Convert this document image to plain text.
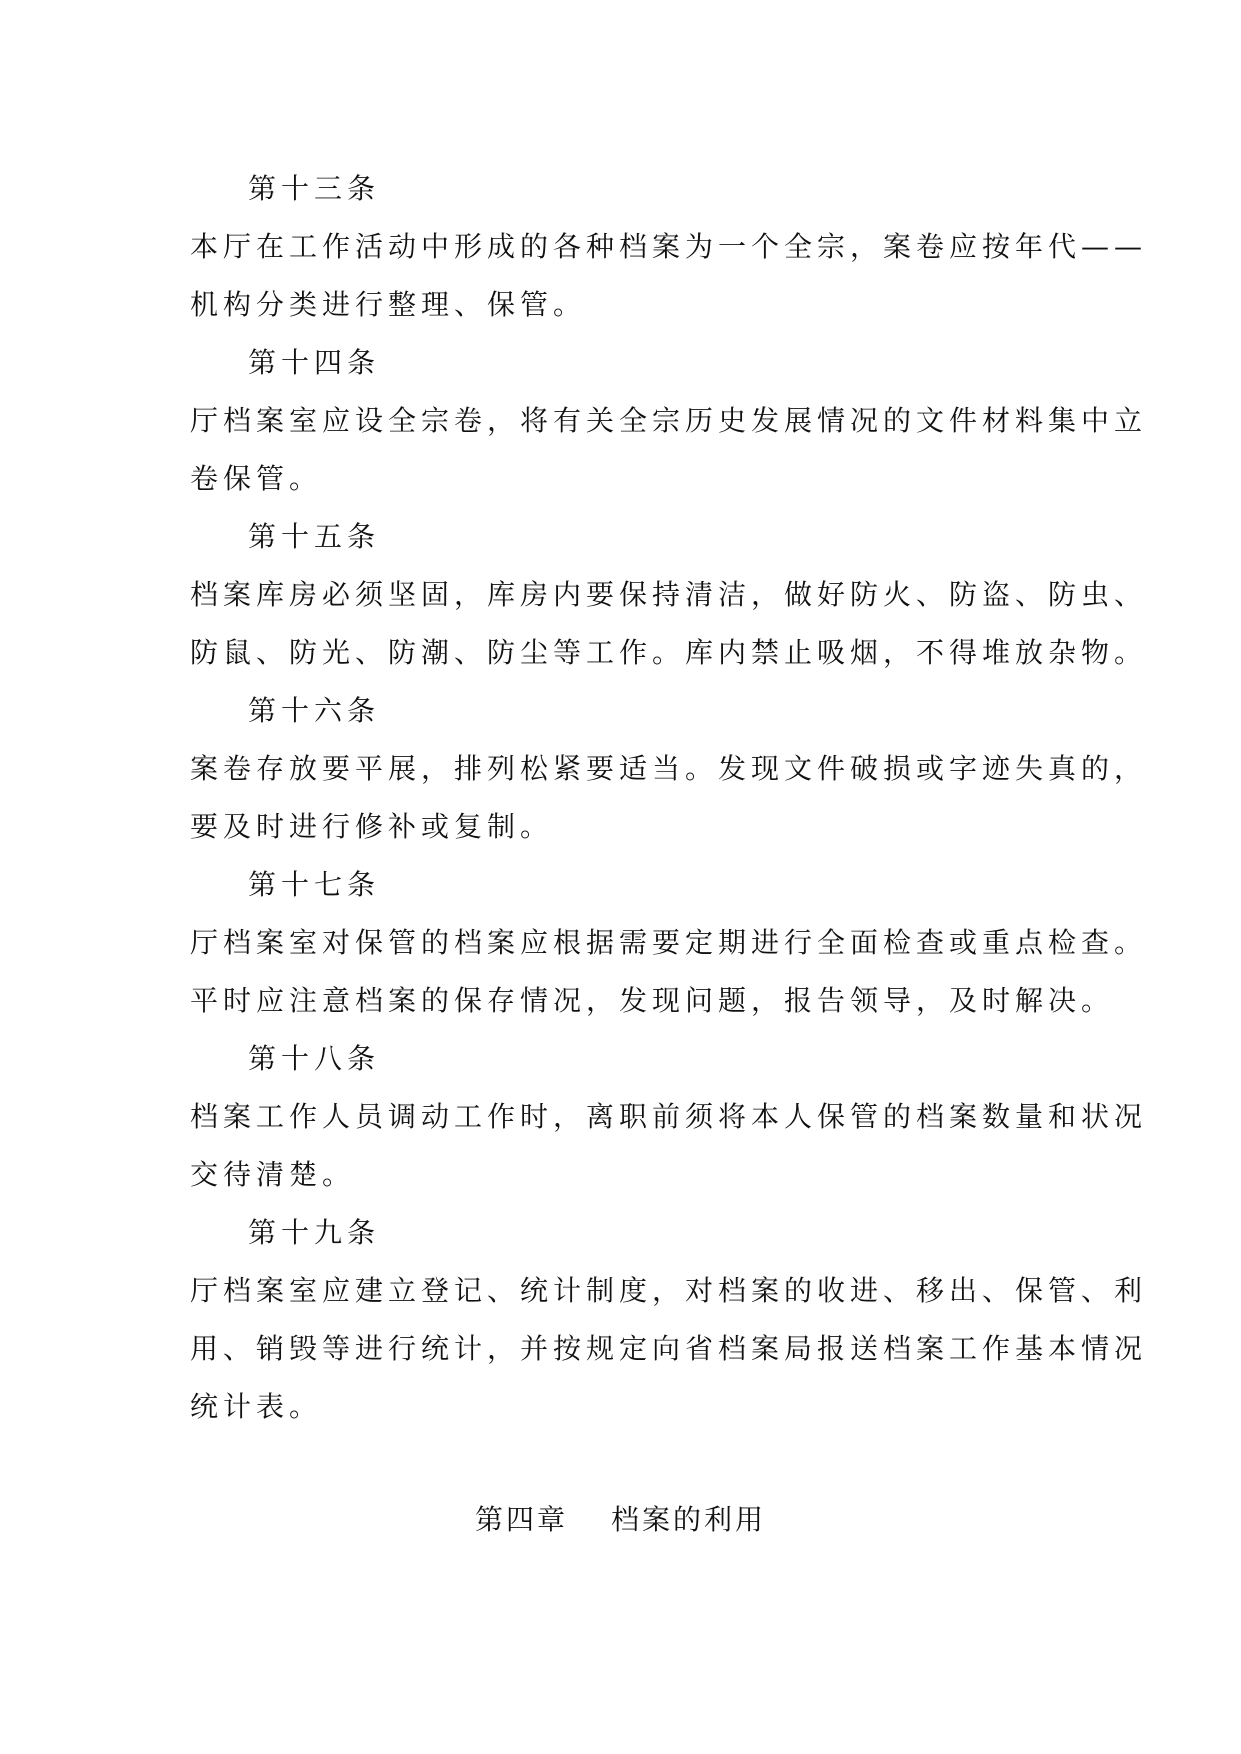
第十三条
本厅在工作活动中形成的各种档案为一个全宗，案卷应按年代——
机构分类进行整理、保管。
第十四条
厅档案室应设全宗卷，将有关全宗历史发展情况的文件材料集中立
卷保管。
第十五条
档案库房必须坚固，库房内要保持清洁，做好防火、防盗、防虫、
防鼠、防光、防潮、防尘等工作。库内禁止吸烟，不得堆放杂物。
第十六条
案卷存放要平展，排列松紧要适当。发现文件破损或字迹失真的，
要及时进行修补或复制。
第十七条
厅档案室对保管的档案应根据需要定期进行全面检查或重点检查。
平时应注意档案的保存情况，发现问题，报告领导，及时解决。
第十八条
档案工作人员调动工作时，离职前须将本人保管的档案数量和状况
交待清楚。
第十九条
厅档案室应建立登记、统计制度，对档案的收进、移出、保管、利
用、销毁等进行统计，并按规定向省档案局报送档案工作基本情况
统计表。
第四章　 档案的利用
